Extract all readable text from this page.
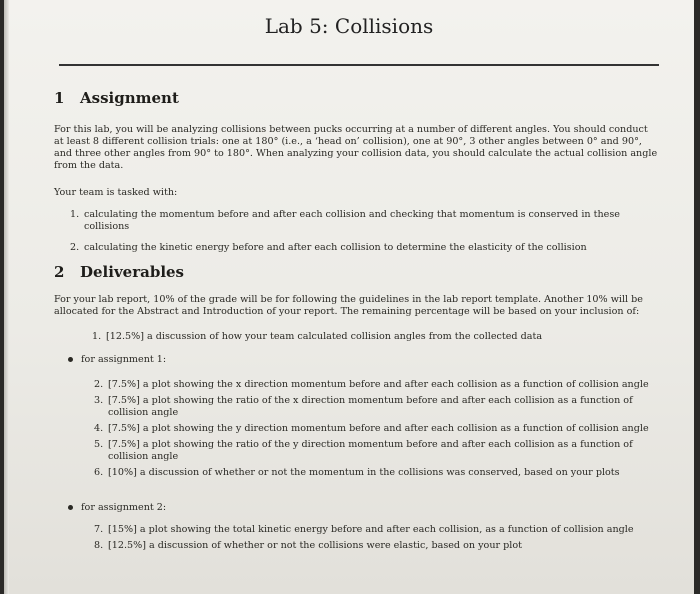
Lab 5: Collisions
1 Assignment

For this lab, you will be analyzing collisions between pucks occurring at a number of different angles. You should conduct at least 8 different collision trials: one at 180° (i.e., a ‘head on’ collision), one at 90°, 3 other angles between 0° and 90°, and three other angles from 90° to 180°. When analyzing your collision data, you should calculate the actual collision angle from the data.

Your team is tasked with:

1. calculating the momentum before and after each collision and checking that momentum is conserved in these collisions
2. calculating the kinetic energy before and after each collision to determine the elasticity of the collision
2 Deliverables

For your lab report, 10% of the grade will be for following the guidelines in the lab report template. Another 10% will be allocated for the Abstract and Introduction of your report. The remaining percentage will be based on your inclusion of:

1. [12.5%] a discussion of how your team calculated collision angles from the collected data
for assignment 1:
2. [7.5%] a plot showing the x direction momentum before and after each collision as a function of collision angle
3. [7.5%] a plot showing the ratio of the x direction momentum before and after each collision as a function of collision angle
4. [7.5%] a plot showing the y direction momentum before and after each collision as a function of collision angle
5. [7.5%] a plot showing the ratio of the y direction momentum before and after each collision as a function of collision angle
6. [10%] a discussion of whether or not the momentum in the collisions was conserved, based on your plots
for assignment 2:
7. [15%] a plot showing the total kinetic energy before and after each collision, as a function of collision angle
8. [12.5%] a discussion of whether or not the collisions were elastic, based on your plot
